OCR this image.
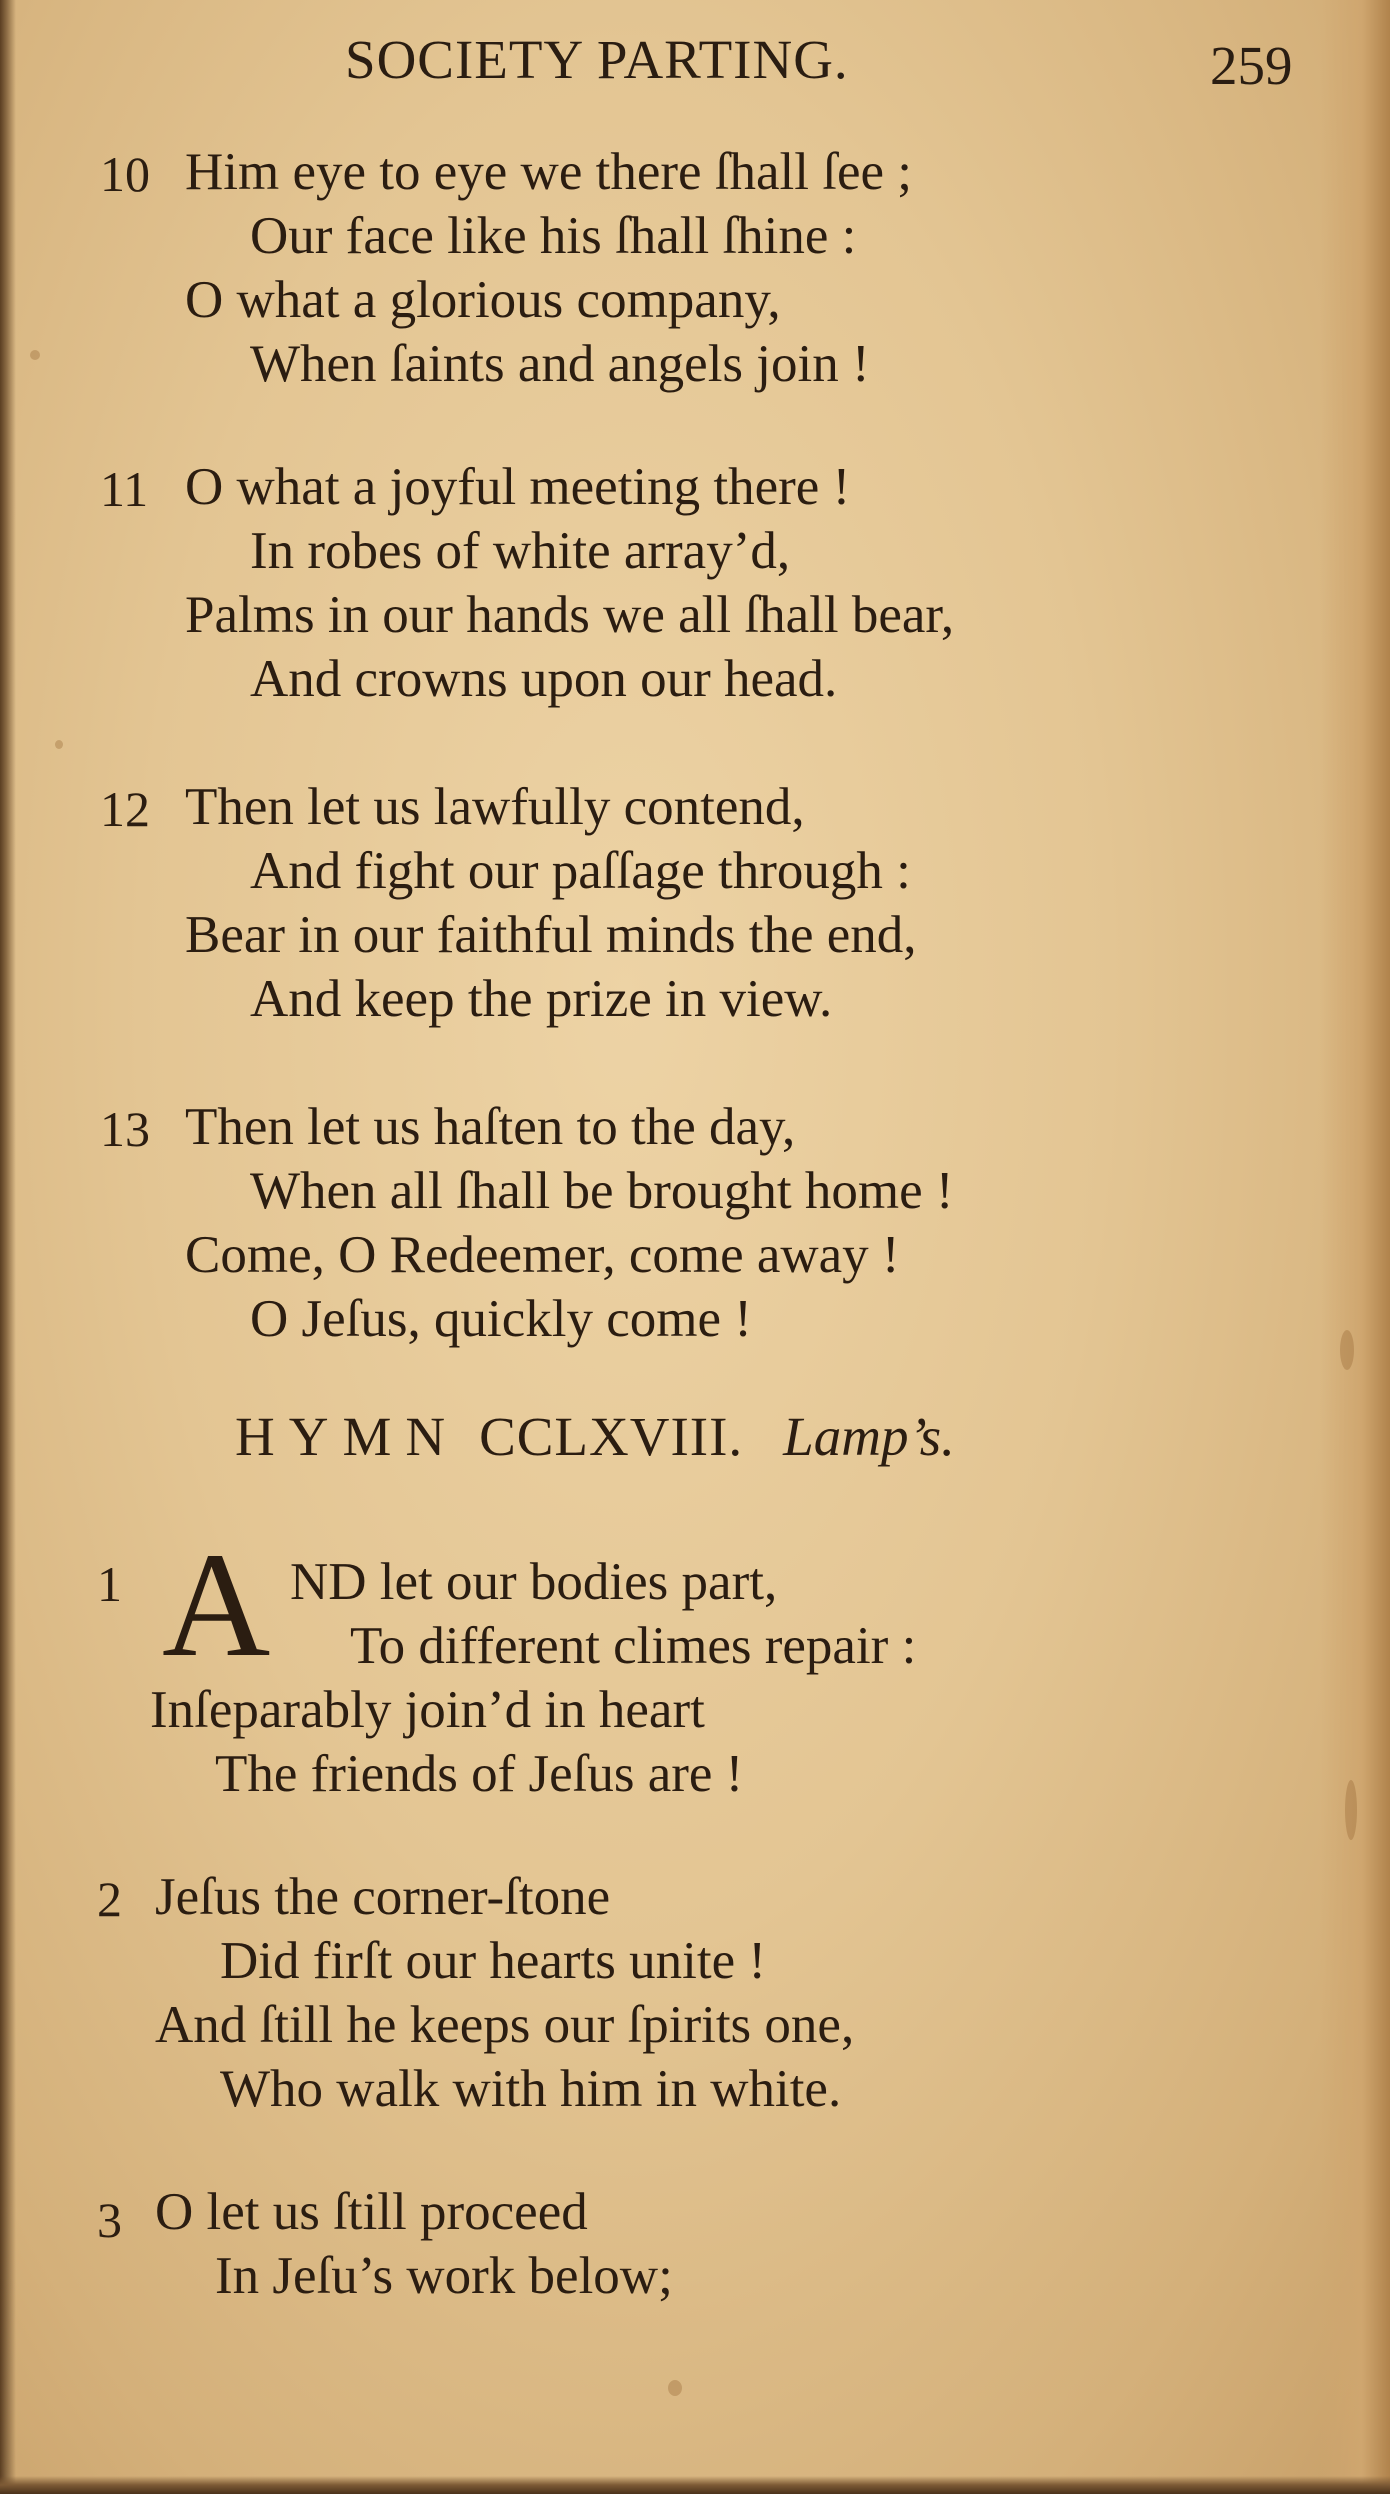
SOCIETY PARTING.	259
10 Him eye to eye we there ſhall ſee ;
Our face like his ſhall ſhine :
O what a glorious company,
When ſaints and angels join !
11 O what a joyful meeting there !
In robes of white array’d,
Palms in our hands we all ſhall bear,
And crowns upon our head.
12 Then let us lawfully contend,
And fight our paſſage through :
Bear in our faithful minds the end,
And keep the prize in view.
13 Then let us haſten to the day,
When all ſhall be brought home !
Come, O Redeemer, come away !
O Jeſus, quickly come !
HYMN CCLXVIII. Lamp’s.
1	ND let our bodies part,
To different climes repair :
Inſeparably join’d in heart
The friends of Jeſus are !
A
2 Jeſus the corner-ſtone
Did firſt our hearts unite !
And ſtill he keeps our ſpirits one,
Who walk with him in white.
3 O let us ſtill proceed
In Jeſu’s work below;
